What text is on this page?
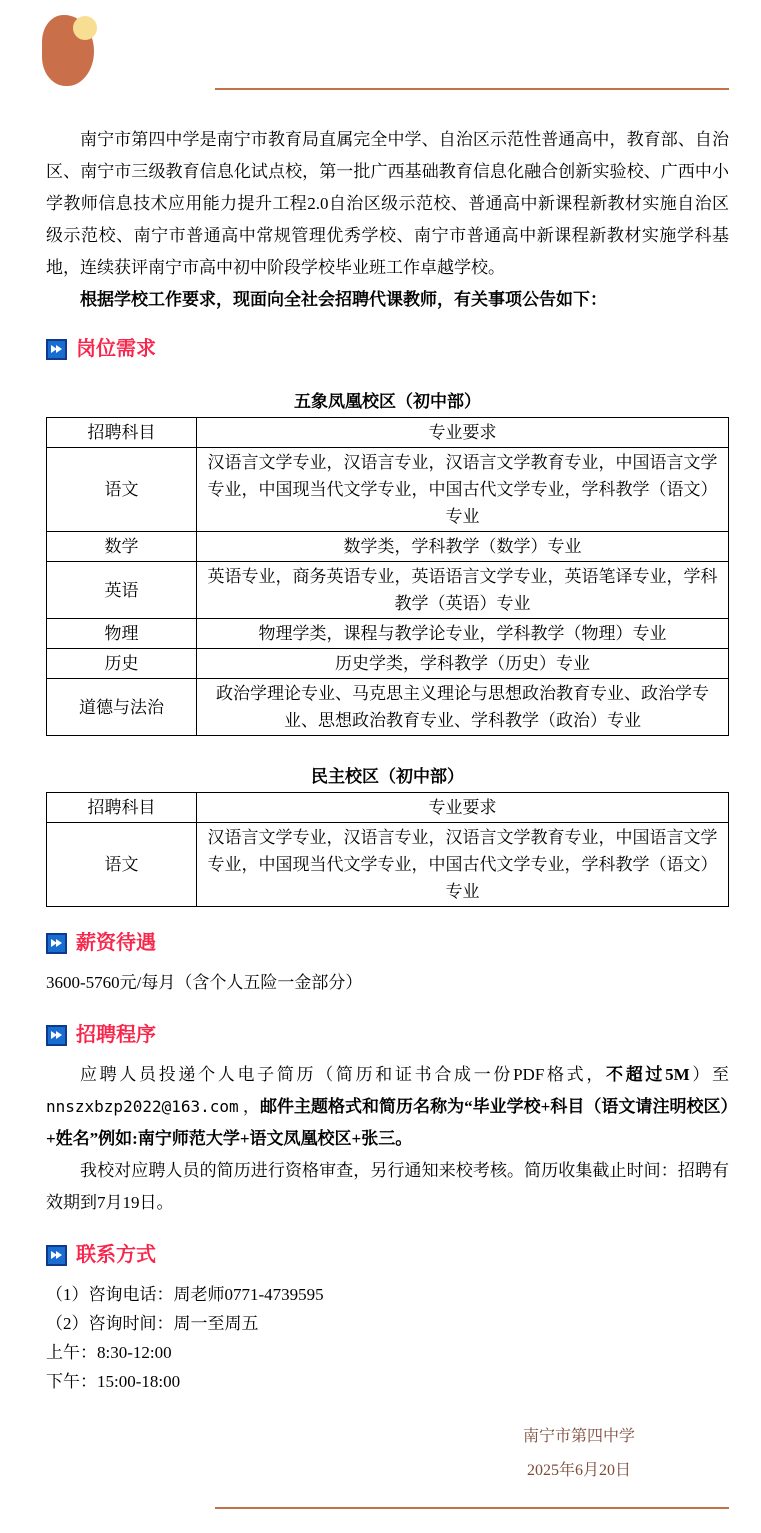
南宁市第四中学是南宁市教育局直属完全中学、自治区示范性普通高中，教育部、自治区、南宁市三级教育信息化试点校，第一批广西基础教育信息化融合创新实验校、广西中小学教师信息技术应用能力提升工程2.0自治区级示范校、普通高中新课程新教材实施自治区级示范校、南宁市普通高中常规管理优秀学校、南宁市普通高中新课程新教材实施学科基地，连续获评南宁市高中初中阶段学校毕业班工作卓越学校。

根据学校工作要求，现面向全社会招聘代课教师，有关事项公告如下：

岗位需求

五象凤凰校区（初中部）

招聘科目	专业要求
语文	汉语言文学专业，汉语言专业，汉语言文学教育专业，中国语言文学专业，中国现当代文学专业，中国古代文学专业，学科教学（语文）专业
数学	数学类，学科教学（数学）专业
英语	英语专业，商务英语专业，英语语言文学专业，英语笔译专业，学科教学（英语）专业
物理	物理学类，课程与教学论专业，学科教学（物理）专业
历史	历史学类，学科教学（历史）专业
道德与法治	政治学理论专业、马克思主义理论与思想政治教育专业、政治学专业、思想政治教育专业、学科教学（政治）专业

民主校区（初中部）

招聘科目	专业要求
语文	汉语言文学专业，汉语言专业，汉语言文学教育专业，中国语言文学专业，中国现当代文学专业，中国古代文学专业，学科教学（语文）专业
薪资待遇

3600-5760元/每月（含个人五险一金部分）

招聘程序

应聘人员投递个人电子简历（简历和证书合成一份PDF格式，不超过5M）至nnszxbzp2022@163.com ，邮件主题格式和简历名称为“毕业学校+科目（语文请注明校区）+姓名”例如:南宁师范大学+语文凤凰校区+张三。

我校对应聘人员的简历进行资格审查，另行通知来校考核。简历收集截止时间：招聘有效期到7月19日。

联系方式
（1）咨询电话：周老师0771-4739595
（2）咨询时间：周一至周五
上午：8:30-12:00
下午：15:00-18:00
南宁市第四中学
2025年6月20日
